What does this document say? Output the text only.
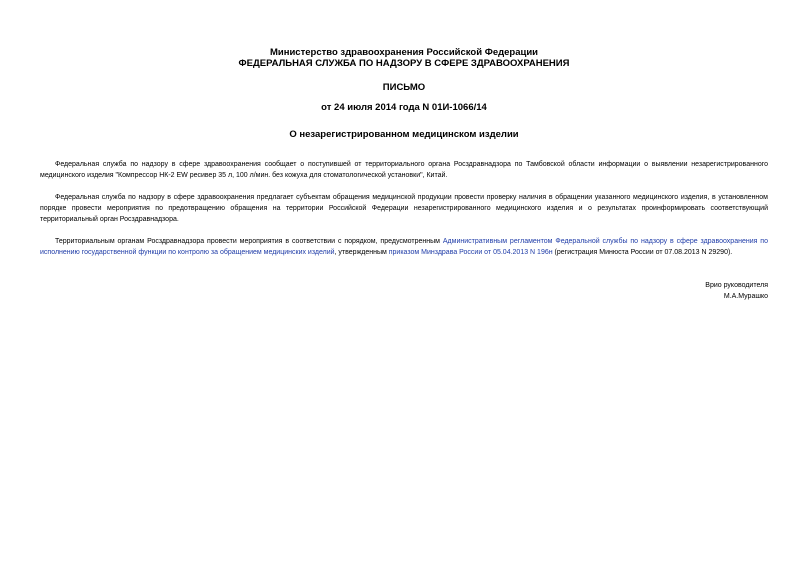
Министерство здравоохранения Российской Федерации
ФЕДЕРАЛЬНАЯ СЛУЖБА ПО НАДЗОРУ В СФЕРЕ ЗДРАВООХРАНЕНИЯ
ПИСЬМО
от 24 июля 2014 года N 01И-1066/14
О незарегистрированном медицинском изделии

Федеральная служба по надзору в сфере здравоохранения сообщает о поступившей от территориального органа Росздравнадзора по Тамбовской области информации о выявлении незарегистрированного медицинского изделия "Компрессор НК-2 EW ресивер 35 л, 100 л/мин. без кожуха для стоматологической установки", Китай.

Федеральная служба по надзору в сфере здравоохранения предлагает субъектам обращения медицинской продукции провести проверку наличия в обращении указанного медицинского изделия, в установленном порядке провести мероприятия по предотвращению обращения на территории Российской Федерации незарегистрированного медицинского изделия и о результатах проинформировать соответствующий территориальный орган Росздравнадзора.

Территориальным органам Росздравнадзора провести мероприятия в соответствии с порядком, предусмотренным Административным регламентом Федеральной службы по надзору в сфере здравоохранения по исполнению государственной функции по контролю за обращением медицинских изделий, утвержденным приказом Минздрава России от 05.04.2013 N 196н (регистрация Минюста России от 07.08.2013 N 29290).

Врио руководителя
М.А.Мурашко
